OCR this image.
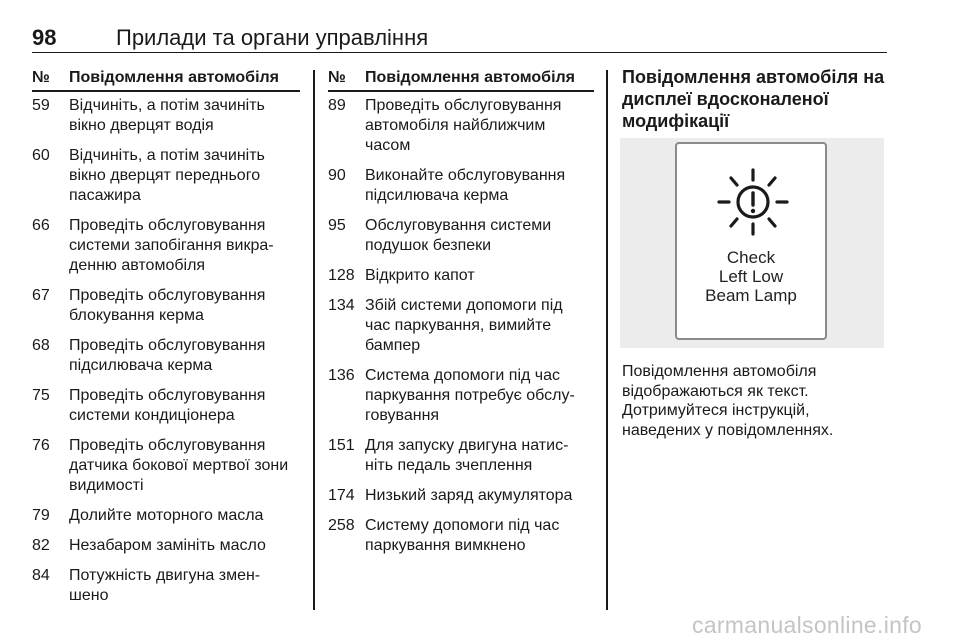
98	Прилади та органи управління
№ Повідомлення автомобіля
59 Відчиніть, а потім зачиніть
вікно дверцят водія
60 Відчиніть, а потім зачиніть
вікно дверцят переднього
пасажира
66 Проведіть обслуговування
системи запобігання викра-
денню автомобіля
67 Проведіть обслуговування
блокування керма
68 Проведіть обслуговування
підсилювача керма
75 Проведіть обслуговування
системи кондиціонера
76 Проведіть обслуговування
датчика бокової мертвої зони
видимості
79 Долийте моторного масла
82 Незабаром замініть масло
84 Потужність двигуна змен-
шено
№ Повідомлення автомобіля
89 Проведіть обслуговування
автомобіля найближчим
часом
90 Виконайте обслуговування
підсилювача керма
95 Обслуговування системи
подушок безпеки
128 Відкрито капот
134 Збій системи допомоги під
час паркування, вимийте
бампер
136 Система допомоги під час
паркування потребує обслу-
говування
151 Для запуску двигуна натис-
ніть педаль зчеплення
174 Низький заряд акумулятора
258 Систему допомоги під час
паркування вимкнено
Повідомлення автомобіля на
дисплеї вдосконаленої
модифікації
Check
Left Low
Beam Lamp
Повідомлення автомобіля
відображаються як текст.
Дотримуйтеся інструкцій,
наведених у повідомленнях.
carmanualsonline.info
